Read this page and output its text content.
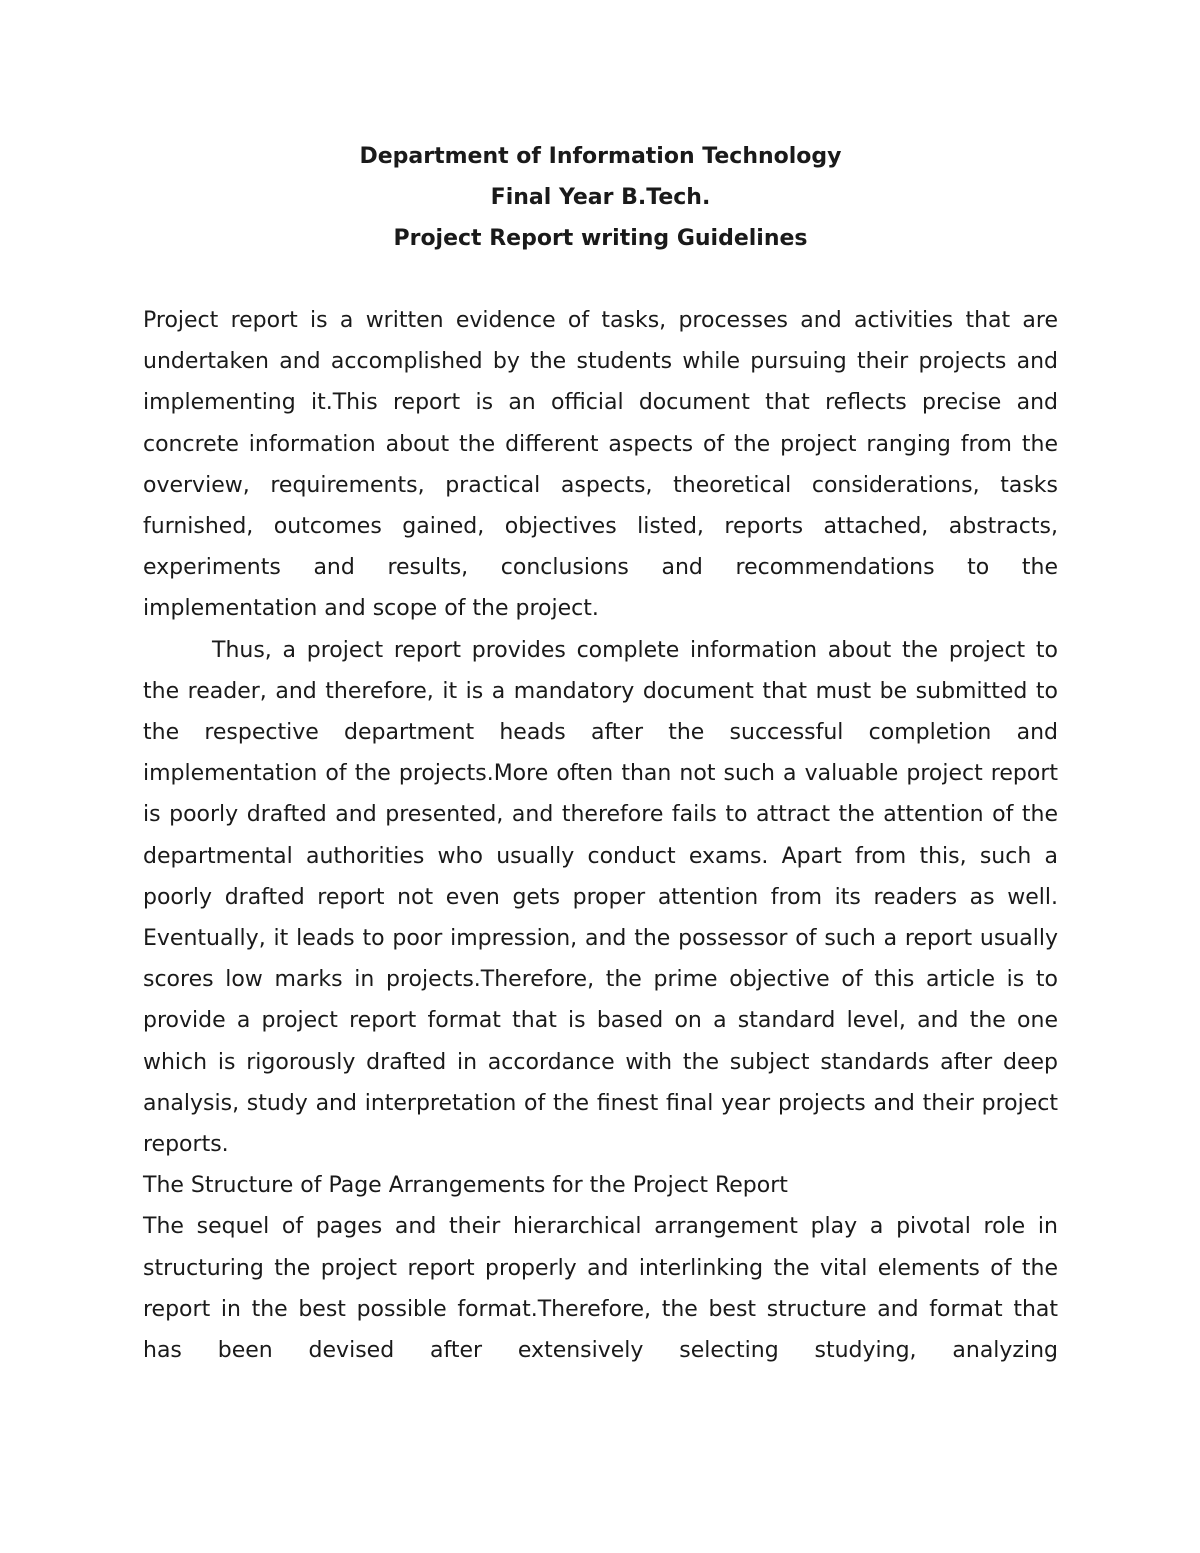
Department of Information Technology
Final Year B.Tech.
Project Report writing Guidelines

Project report is a written evidence of tasks, processes and activities that are undertaken and accomplished by the students while pursuing their projects and implementing it.This report is an official document that reflects precise and concrete information about the different aspects of the project ranging from the overview, requirements, practical aspects, theoretical considerations, tasks furnished, outcomes gained, objectives listed, reports attached, abstracts, experiments and results, conclusions and recommendations to the implementation and scope of the project.

Thus, a project report provides complete information about the project to the reader, and therefore, it is a mandatory document that must be submitted to the respective department heads after the successful completion and implementation of the projects.More often than not such a valuable project report is poorly drafted and presented, and therefore fails to attract the attention of the departmental authorities who usually conduct exams. Apart from this, such a poorly drafted report not even gets proper attention from its readers as well. Eventually, it leads to poor impression, and the possessor of such a report usually scores low marks in projects.Therefore, the prime objective of this article is to provide a project report format that is based on a standard level, and the one which is rigorously drafted in accordance with the subject standards after deep analysis, study and interpretation of the finest final year projects and their project reports.

The Structure of Page Arrangements for the Project Report

The sequel of pages and their hierarchical arrangement play a pivotal role in structuring the project report properly and interlinking the vital elements of the report in the best possible format.Therefore, the best structure and format that has been devised after extensively selecting studying, analyzing
